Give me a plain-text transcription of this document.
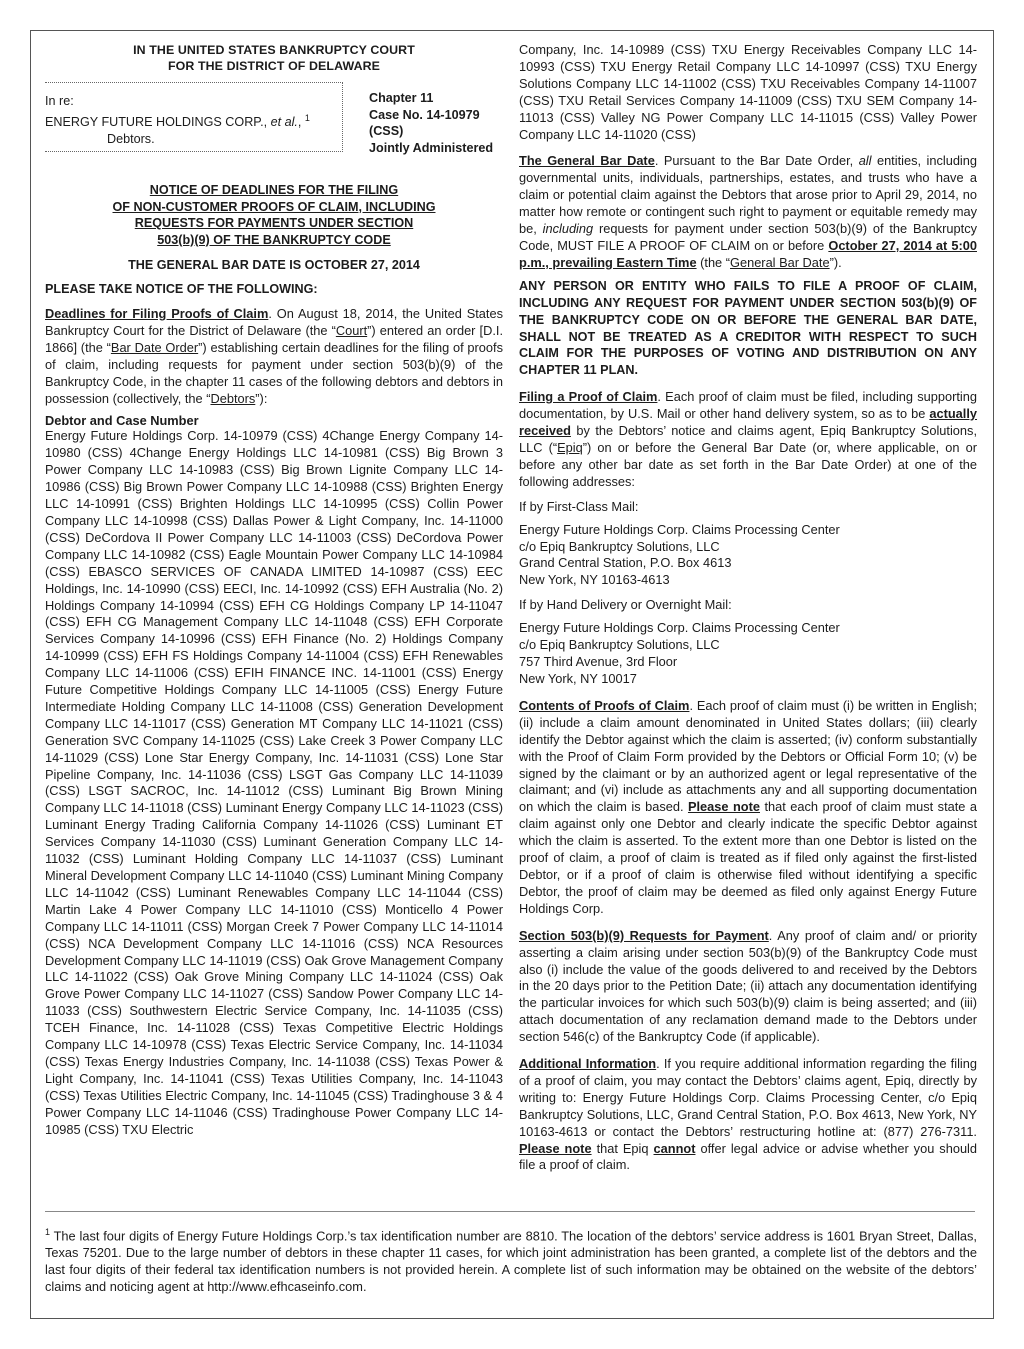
IN THE UNITED STATES BANKRUPTCY COURT
FOR THE DISTRICT OF DELAWARE
In re:
ENERGY FUTURE HOLDINGS CORP., et al., $^1$
Debtors.
Chapter 11
Case No. 14-10979
(CSS)
Jointly Administered
NOTICE OF DEADLINES FOR THE FILING
OF NON-CUSTOMER PROOFS OF CLAIM, INCLUDING
REQUESTS FOR PAYMENTS UNDER SECTION
503(b)(9) OF THE BANKRUPTCY CODE
THE GENERAL BAR DATE IS OCTOBER 27, 2014
PLEASE TAKE NOTICE OF THE FOLLOWING:

Deadlines for Filing Proofs of Claim. On August 18, 2014, the United States Bankruptcy Court for the District of Delaware (the “Court”) entered an order [D.I. 1866] (the “Bar Date Order”) establishing certain deadlines for the filing of proofs of claim, including requests for payment under section 503(b)(9) of the Bankruptcy Code, in the chapter 11 cases of the following debtors and debtors in possession (collectively, the “Debtors”):

Debtor and Case Number
Energy Future Holdings Corp. 14-10979 (CSS) 4Change Energy Company 14-10980 (CSS) 4Change Energy Holdings LLC 14-10981 (CSS) Big Brown 3 Power Company LLC 14-10983 (CSS) Big Brown Lignite Company LLC 14-10986 (CSS) Big Brown Power Company LLC 14-10988 (CSS) Brighten Energy LLC 14-10991 (CSS) Brighten Holdings LLC 14-10995 (CSS) Collin Power Company LLC 14-10998 (CSS) Dallas Power & Light Company, Inc. 14-11000 (CSS) DeCordova II Power Company LLC 14-11003 (CSS) DeCordova Power Company LLC 14-10982 (CSS) Eagle Mountain Power Company LLC 14-10984 (CSS) EBASCO SERVICES OF CANADA LIMITED 14-10987 (CSS) EEC Holdings, Inc. 14-10990 (CSS) EECI, Inc. 14-10992 (CSS) EFH Australia (No. 2) Holdings Company 14-10994 (CSS) EFH CG Holdings Company LP 14-11047 (CSS) EFH CG Management Company LLC 14-11048 (CSS) EFH Corporate Services Company 14-10996 (CSS) EFH Finance (No. 2) Holdings Company 14-10999 (CSS) EFH FS Holdings Company 14-11004 (CSS) EFH Renewables Company LLC 14-11006 (CSS) EFIH FINANCE INC. 14-11001 (CSS) Energy Future Competitive Holdings Company LLC 14-11005 (CSS) Energy Future Intermediate Holding Company LLC 14-11008 (CSS) Generation Development Company LLC 14-11017 (CSS) Generation MT Company LLC 14-11021 (CSS) Generation SVC Company 14-11025 (CSS) Lake Creek 3 Power Company LLC 14-11029 (CSS) Lone Star Energy Company, Inc. 14-11031 (CSS) Lone Star Pipeline Company, Inc. 14-11036 (CSS) LSGT Gas Company LLC 14-11039 (CSS) LSGT SACROC, Inc. 14-11012 (CSS) Luminant Big Brown Mining Company LLC 14-11018 (CSS) Luminant Energy Company LLC 14-11023 (CSS) Luminant Energy Trading California Company 14-11026 (CSS) Luminant ET Services Company 14-11030 (CSS) Luminant Generation Company LLC 14-11032 (CSS) Luminant Holding Company LLC 14-11037 (CSS) Luminant Mineral Development Company LLC 14-11040 (CSS) Luminant Mining Company LLC 14-11042 (CSS) Luminant Renewables Company LLC 14-11044 (CSS) Martin Lake 4 Power Company LLC 14-11010 (CSS) Monticello 4 Power Company LLC 14-11011 (CSS) Morgan Creek 7 Power Company LLC 14-11014 (CSS) NCA Development Company LLC 14-11016 (CSS) NCA Resources Development Company LLC 14-11019 (CSS) Oak Grove Management Company LLC 14-11022 (CSS) Oak Grove Mining Company LLC 14-11024 (CSS) Oak Grove Power Company LLC 14-11027 (CSS) Sandow Power Company LLC 14-11033 (CSS) Southwestern Electric Service Company, Inc. 14-11035 (CSS) TCEH Finance, Inc. 14-11028 (CSS) Texas Competitive Electric Holdings Company LLC 14-10978 (CSS) Texas Electric Service Company, Inc. 14-11034 (CSS) Texas Energy Industries Company, Inc. 14-11038 (CSS) Texas Power & Light Company, Inc. 14-11041 (CSS) Texas Utilities Company, Inc. 14-11043 (CSS) Texas Utilities Electric Company, Inc. 14-11045 (CSS) Tradinghouse 3 & 4 Power Company LLC 14-11046 (CSS) Tradinghouse Power Company LLC 14-10985 (CSS) TXU Electric
Company, Inc. 14-10989 (CSS) TXU Energy Receivables Company LLC 14-10993 (CSS) TXU Energy Retail Company LLC 14-10997 (CSS) TXU Energy Solutions Company LLC 14-11002 (CSS) TXU Receivables Company 14-11007 (CSS) TXU Retail Services Company 14-11009 (CSS) TXU SEM Company 14-11013 (CSS) Valley NG Power Company LLC 14-11015 (CSS) Valley Power Company LLC 14-11020 (CSS)

The General Bar Date. Pursuant to the Bar Date Order, all entities, including governmental units, individuals, partnerships, estates, and trusts who have a claim or potential claim against the Debtors that arose prior to April 29, 2014, no matter how remote or contingent such right to payment or equitable remedy may be, including requests for payment under section 503(b)(9) of the Bankruptcy Code, MUST FILE A PROOF OF CLAIM on or before October 27, 2014 at 5:00 p.m., prevailing Eastern Time (the “General Bar Date”).

ANY PERSON OR ENTITY WHO FAILS TO FILE A PROOF OF CLAIM, INCLUDING ANY REQUEST FOR PAYMENT UNDER SECTION 503(b)(9) OF THE BANKRUPTCY CODE ON OR BEFORE THE GENERAL BAR DATE, SHALL NOT BE TREATED AS A CREDITOR WITH RESPECT TO SUCH CLAIM FOR THE PURPOSES OF VOTING AND DISTRIBUTION ON ANY CHAPTER 11 PLAN.

Filing a Proof of Claim. Each proof of claim must be filed, including supporting documentation, by U.S. Mail or other hand delivery system, so as to be actually received by the Debtors’ notice and claims agent, Epiq Bankruptcy Solutions, LLC (“Epiq”) on or before the General Bar Date (or, where applicable, on or before any other bar date as set forth in the Bar Date Order) at one of the following addresses:

If by First-Class Mail:
Energy Future Holdings Corp. Claims Processing Center
c/o Epiq Bankruptcy Solutions, LLC
Grand Central Station, P.O. Box 4613
New York, NY 10163-4613
If by Hand Delivery or Overnight Mail:
Energy Future Holdings Corp. Claims Processing Center
c/o Epiq Bankruptcy Solutions, LLC
757 Third Avenue, 3rd Floor
New York, NY 10017

Contents of Proofs of Claim. Each proof of claim must (i) be written in English; (ii) include a claim amount denominated in United States dollars; (iii) clearly identify the Debtor against which the claim is asserted; (iv) conform substantially with the Proof of Claim Form provided by the Debtors or Official Form 10; (v) be signed by the claimant or by an authorized agent or legal representative of the claimant; and (vi) include as attachments any and all supporting documentation on which the claim is based. Please note that each proof of claim must state a claim against only one Debtor and clearly indicate the specific Debtor against which the claim is asserted. To the extent more than one Debtor is listed on the proof of claim, a proof of claim is treated as if filed only against the first-listed Debtor, or if a proof of claim is otherwise filed without identifying a specific Debtor, the proof of claim may be deemed as filed only against Energy Future Holdings Corp.

Section 503(b)(9) Requests for Payment. Any proof of claim and/ or priority asserting a claim arising under section 503(b)(9) of the Bankruptcy Code must also (i) include the value of the goods delivered to and received by the Debtors in the 20 days prior to the Petition Date; (ii) attach any documentation identifying the particular invoices for which such 503(b)(9) claim is being asserted; and (iii) attach documentation of any reclamation demand made to the Debtors under section 546(c) of the Bankruptcy Code (if applicable).

Additional Information. If you require additional information regarding the filing of a proof of claim, you may contact the Debtors’ claims agent, Epiq, directly by writing to: Energy Future Holdings Corp. Claims Processing Center, c/o Epiq Bankruptcy Solutions, LLC, Grand Central Station, P.O. Box 4613, New York, NY 10163-4613 or contact the Debtors’ restructuring hotline at: (877) 276-7311. Please note that Epiq cannot offer legal advice or advise whether you should file a proof of claim.

$^1$ The last four digits of Energy Future Holdings Corp.’s tax identification number are 8810. The location of the debtors’ service address is 1601 Bryan Street, Dallas, Texas 75201. Due to the large number of debtors in these chapter 11 cases, for which joint administration has been granted, a complete list of the debtors and the last four digits of their federal tax identification numbers is not provided herein. A complete list of such information may be obtained on the website of the debtors’ claims and noticing agent at http://www.efhcaseinfo.com.
